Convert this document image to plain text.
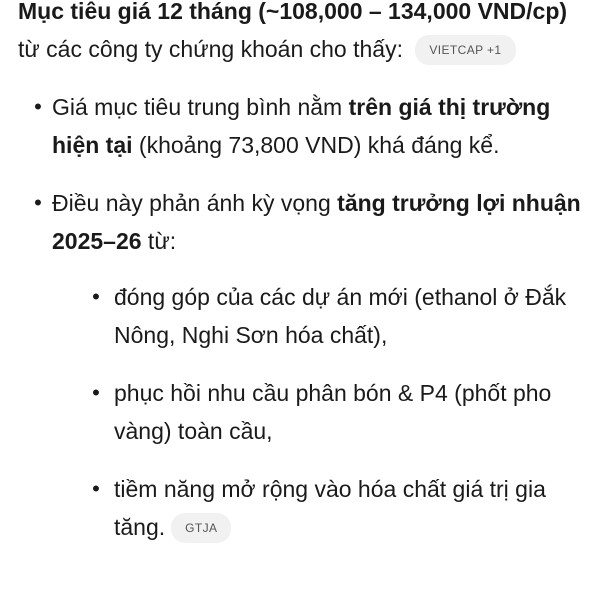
Mục tiêu giá 12 tháng (~108,000 – 134,000 VND/cp) từ các công ty chứng khoán cho thấy: VIETCAP +1

• Giá mục tiêu trung bình nằm trên giá thị trường hiện tại (khoảng 73,800 VND) khá đáng kể.

• Điều này phản ánh kỳ vọng tăng trưởng lợi nhuận 2025–26 từ:

• đóng góp của các dự án mới (ethanol ở Đắk Nông, Nghi Sơn hóa chất),

• phục hồi nhu cầu phân bón & P4 (phốt pho vàng) toàn cầu,

• tiềm năng mở rộng vào hóa chất giá trị gia tăng. GTJA
